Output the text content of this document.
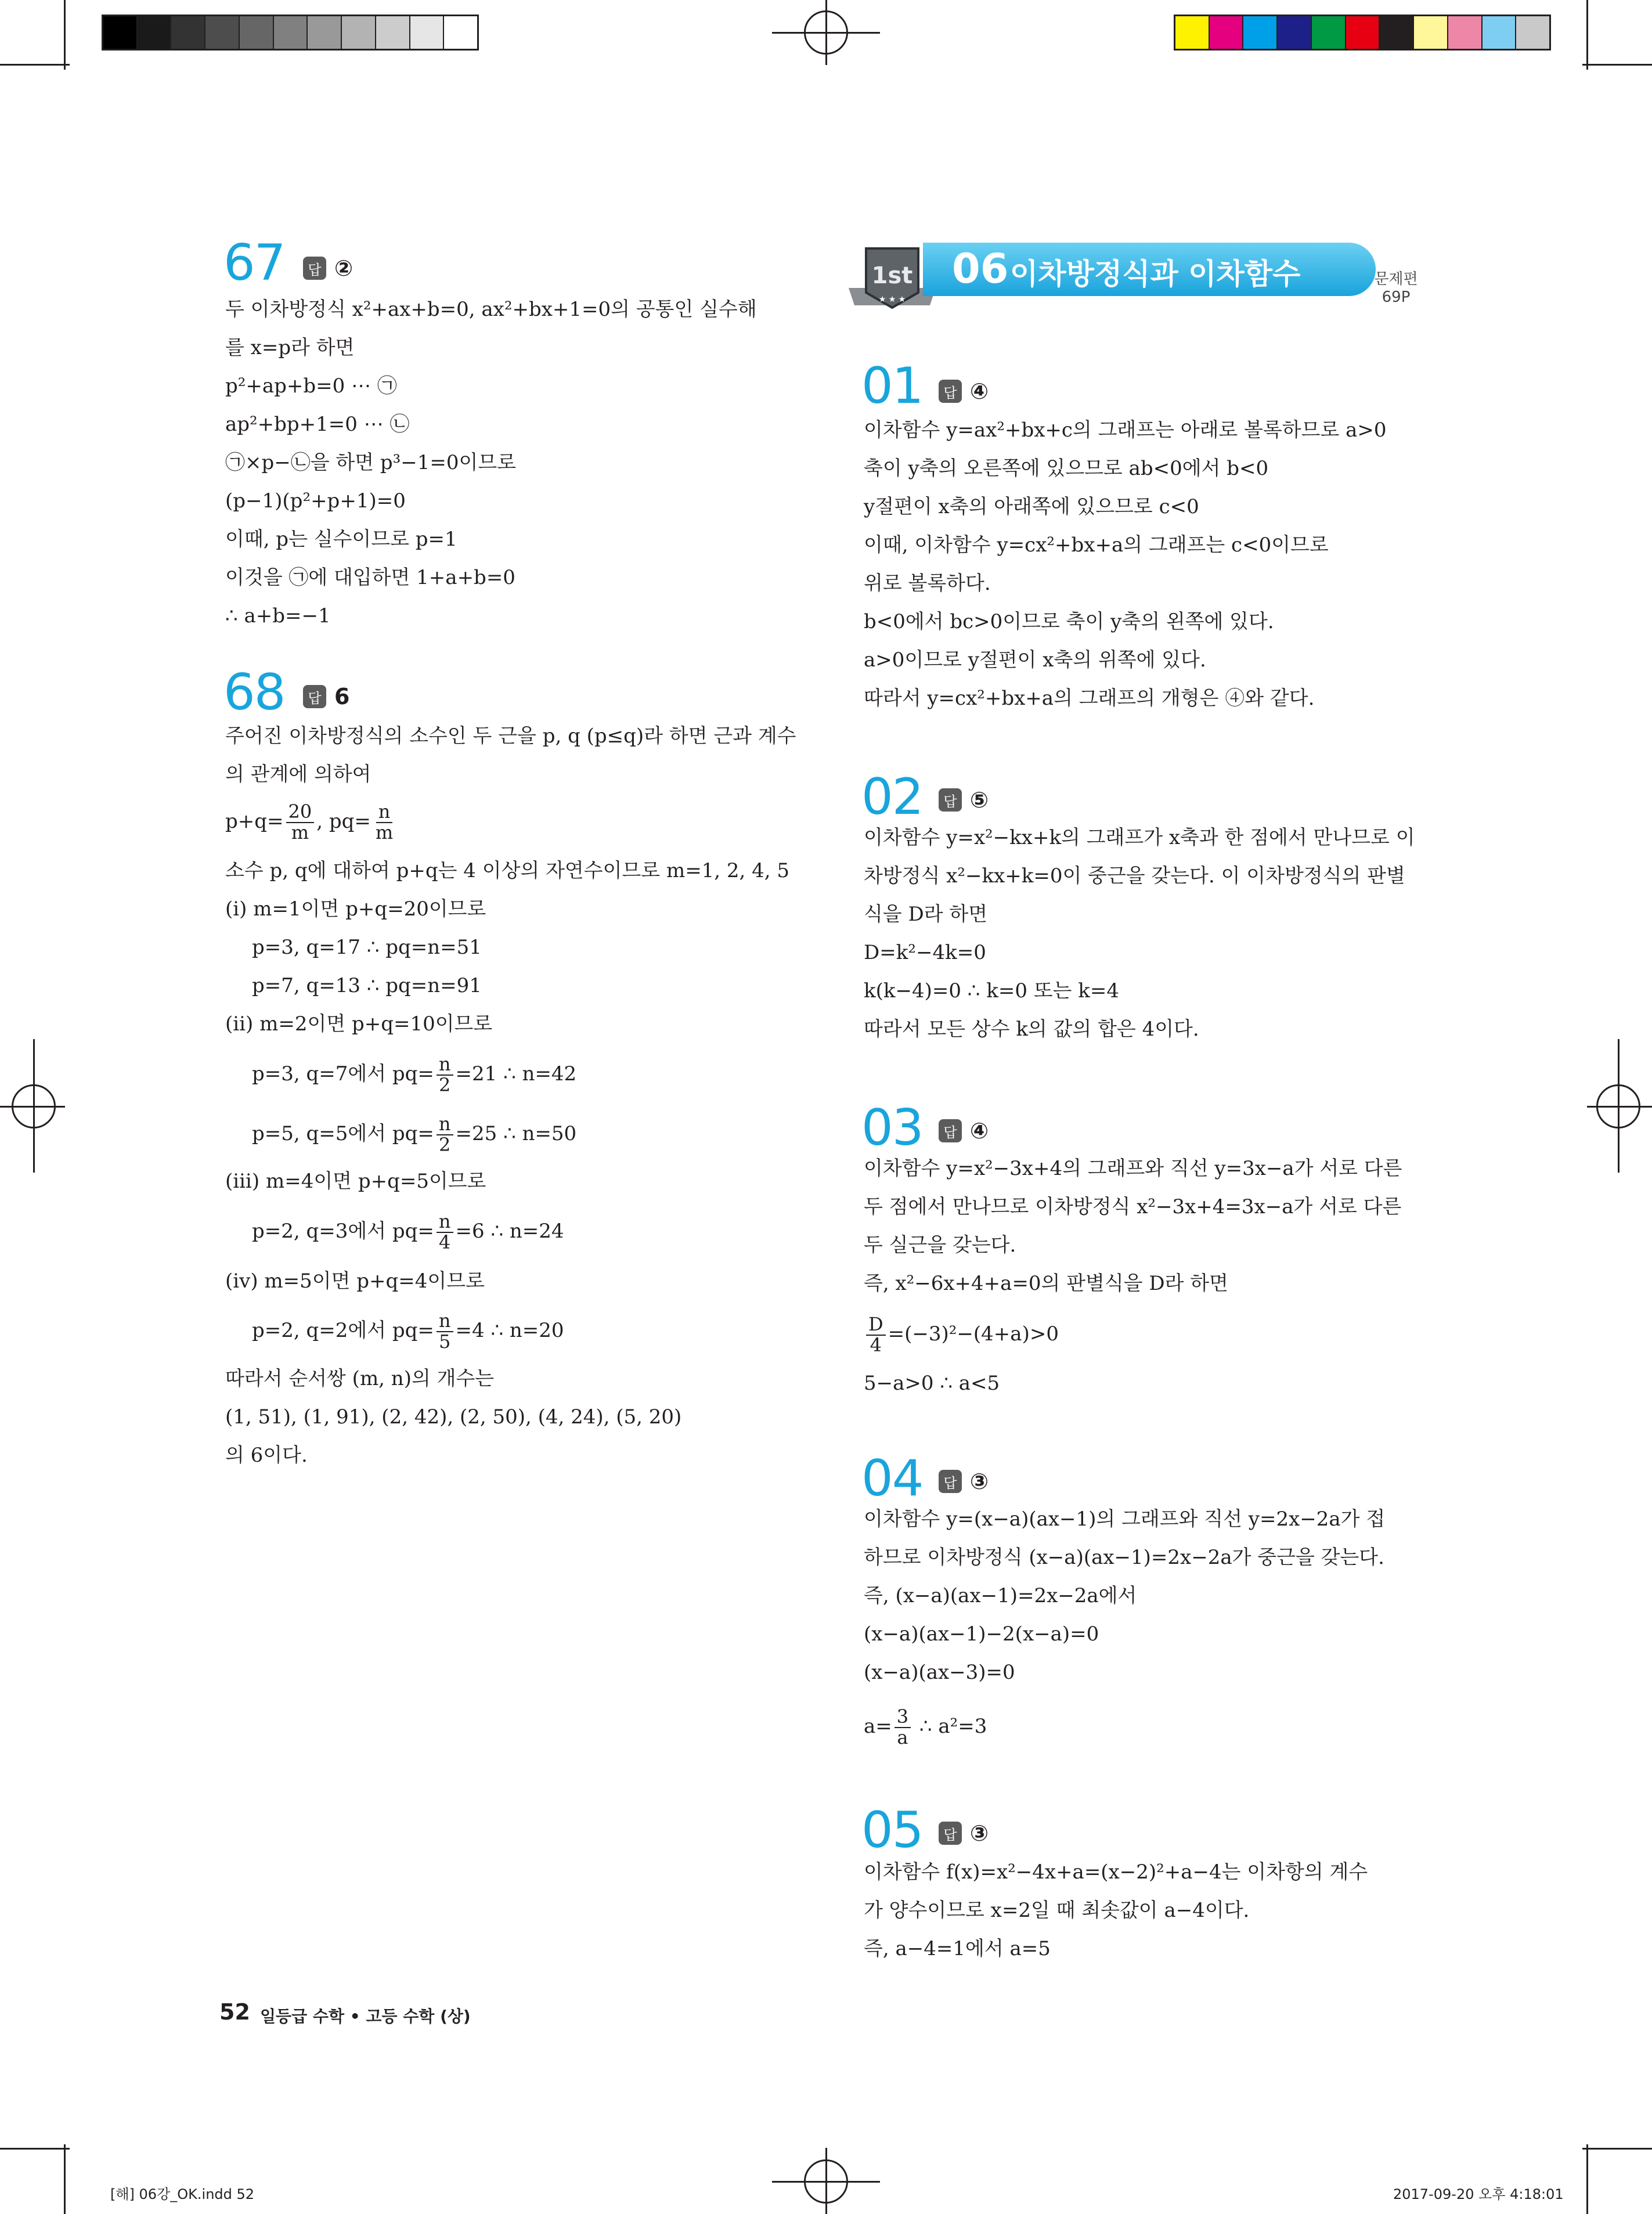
67	답 ②
두 이차방정식 x²+ax+b=0, ax²+bx+1=0의 공통인 실수해
를 x=p라 하면
p²+ap+b=0 ⋯ ㉠
ap²+bp+1=0 ⋯ ㉡
㉠×p−㉡을 하면 p³−1=0이므로
(p−1)(p²+p+1)=0
이때, p는 실수이므로 p=1
이것을 ㉠에 대입하면 1+a+b=0
∴ a+b=−1
68	답 6
주어진 이차방정식의 소수인 두 근을 p, q (p≤q)라 하면 근과 계수
의 관계에 의하여
$p+q= \frac{20}{m}$ , $pq= \frac{n}{m}$
소수 p, q에 대하여 p+q는 4 이상의 자연수이므로 m=1, 2, 4, 5
(ⅰ) m=1이면 p+q=20이므로
p=3, q=17 ∴ pq=n=51
p=7, q=13 ∴ pq=n=91
(ⅱ) m=2이면 p+q=10이므로
p=3, q=7에서 $pq= \frac{n}{2} =21$ ∴ n=42
p=5, q=5에서 $pq= \frac{n}{2} =25$ ∴ n=50
(ⅲ) m=4이면 p+q=5이므로
p=2, q=3에서 $pq= \frac{n}{4} =6$ ∴ n=24
(ⅳ) m=5이면 p+q=4이므로
p=2, q=2에서 $pq= \frac{n}{5} =4$ ∴ n=20
따라서 순서쌍 (m, n)의 개수는
(1, 51), (1, 91), (2, 42), (2, 50), (4, 24), (5, 20)
의 6이다.
1st
★ ★ ★
06 이차방정식과 이차함수	문제편
69P
01	답 ④
이차함수 y=ax²+bx+c의 그래프는 아래로 볼록하므로 a>0
축이 y축의 오른쪽에 있으므로 ab<0에서 b<0
y절편이 x축의 아래쪽에 있으므로 c<0
이때, 이차함수 y=cx²+bx+a의 그래프는 c<0이므로
위로 볼록하다.
b<0에서 bc>0이므로 축이 y축의 왼쪽에 있다.
a>0이므로 y절편이 x축의 위쪽에 있다.
따라서 y=cx²+bx+a의 그래프의 개형은 ④와 같다.
02	답 ⑤
이차함수 y=x²−kx+k의 그래프가 x축과 한 점에서 만나므로 이
차방정식 x²−kx+k=0이 중근을 갖는다. 이 이차방정식의 판별
식을 D라 하면
D=k²−4k=0
k(k−4)=0 ∴ k=0 또는 k=4
따라서 모든 상수 k의 값의 합은 4이다.
03	답 ④
이차함수 y=x²−3x+4의 그래프와 직선 y=3x−a가 서로 다른
두 점에서 만나므로 이차방정식 x²−3x+4=3x−a가 서로 다른
두 실근을 갖는다.
즉, x²−6x+4+a=0의 판별식을 D라 하면
$\frac{D}{4} =(-3)^2-(4+a)>0$
5−a>0 ∴ a<5
04	답 ③
이차함수 y=(x−a)(ax−1)의 그래프와 직선 y=2x−2a가 접
하므로 이차방정식 (x−a)(ax−1)=2x−2a가 중근을 갖는다.
즉, (x−a)(ax−1)=2x−2a에서
(x−a)(ax−1)−2(x−a)=0
(x−a)(ax−3)=0
$a= \frac{3}{a}$ ∴ a²=3
05	답 ③
이차함수 f(x)=x²−4x+a=(x−2)²+a−4는 이차항의 계수
가 양수이므로 x=2일 때 최솟값이 a−4이다.
즉, a−4=1에서 a=5
52 일등급 수학 • 고등 수학 (상)
[해] 06강_OK.indd 52	2017-09-20 오후 4:18:01
